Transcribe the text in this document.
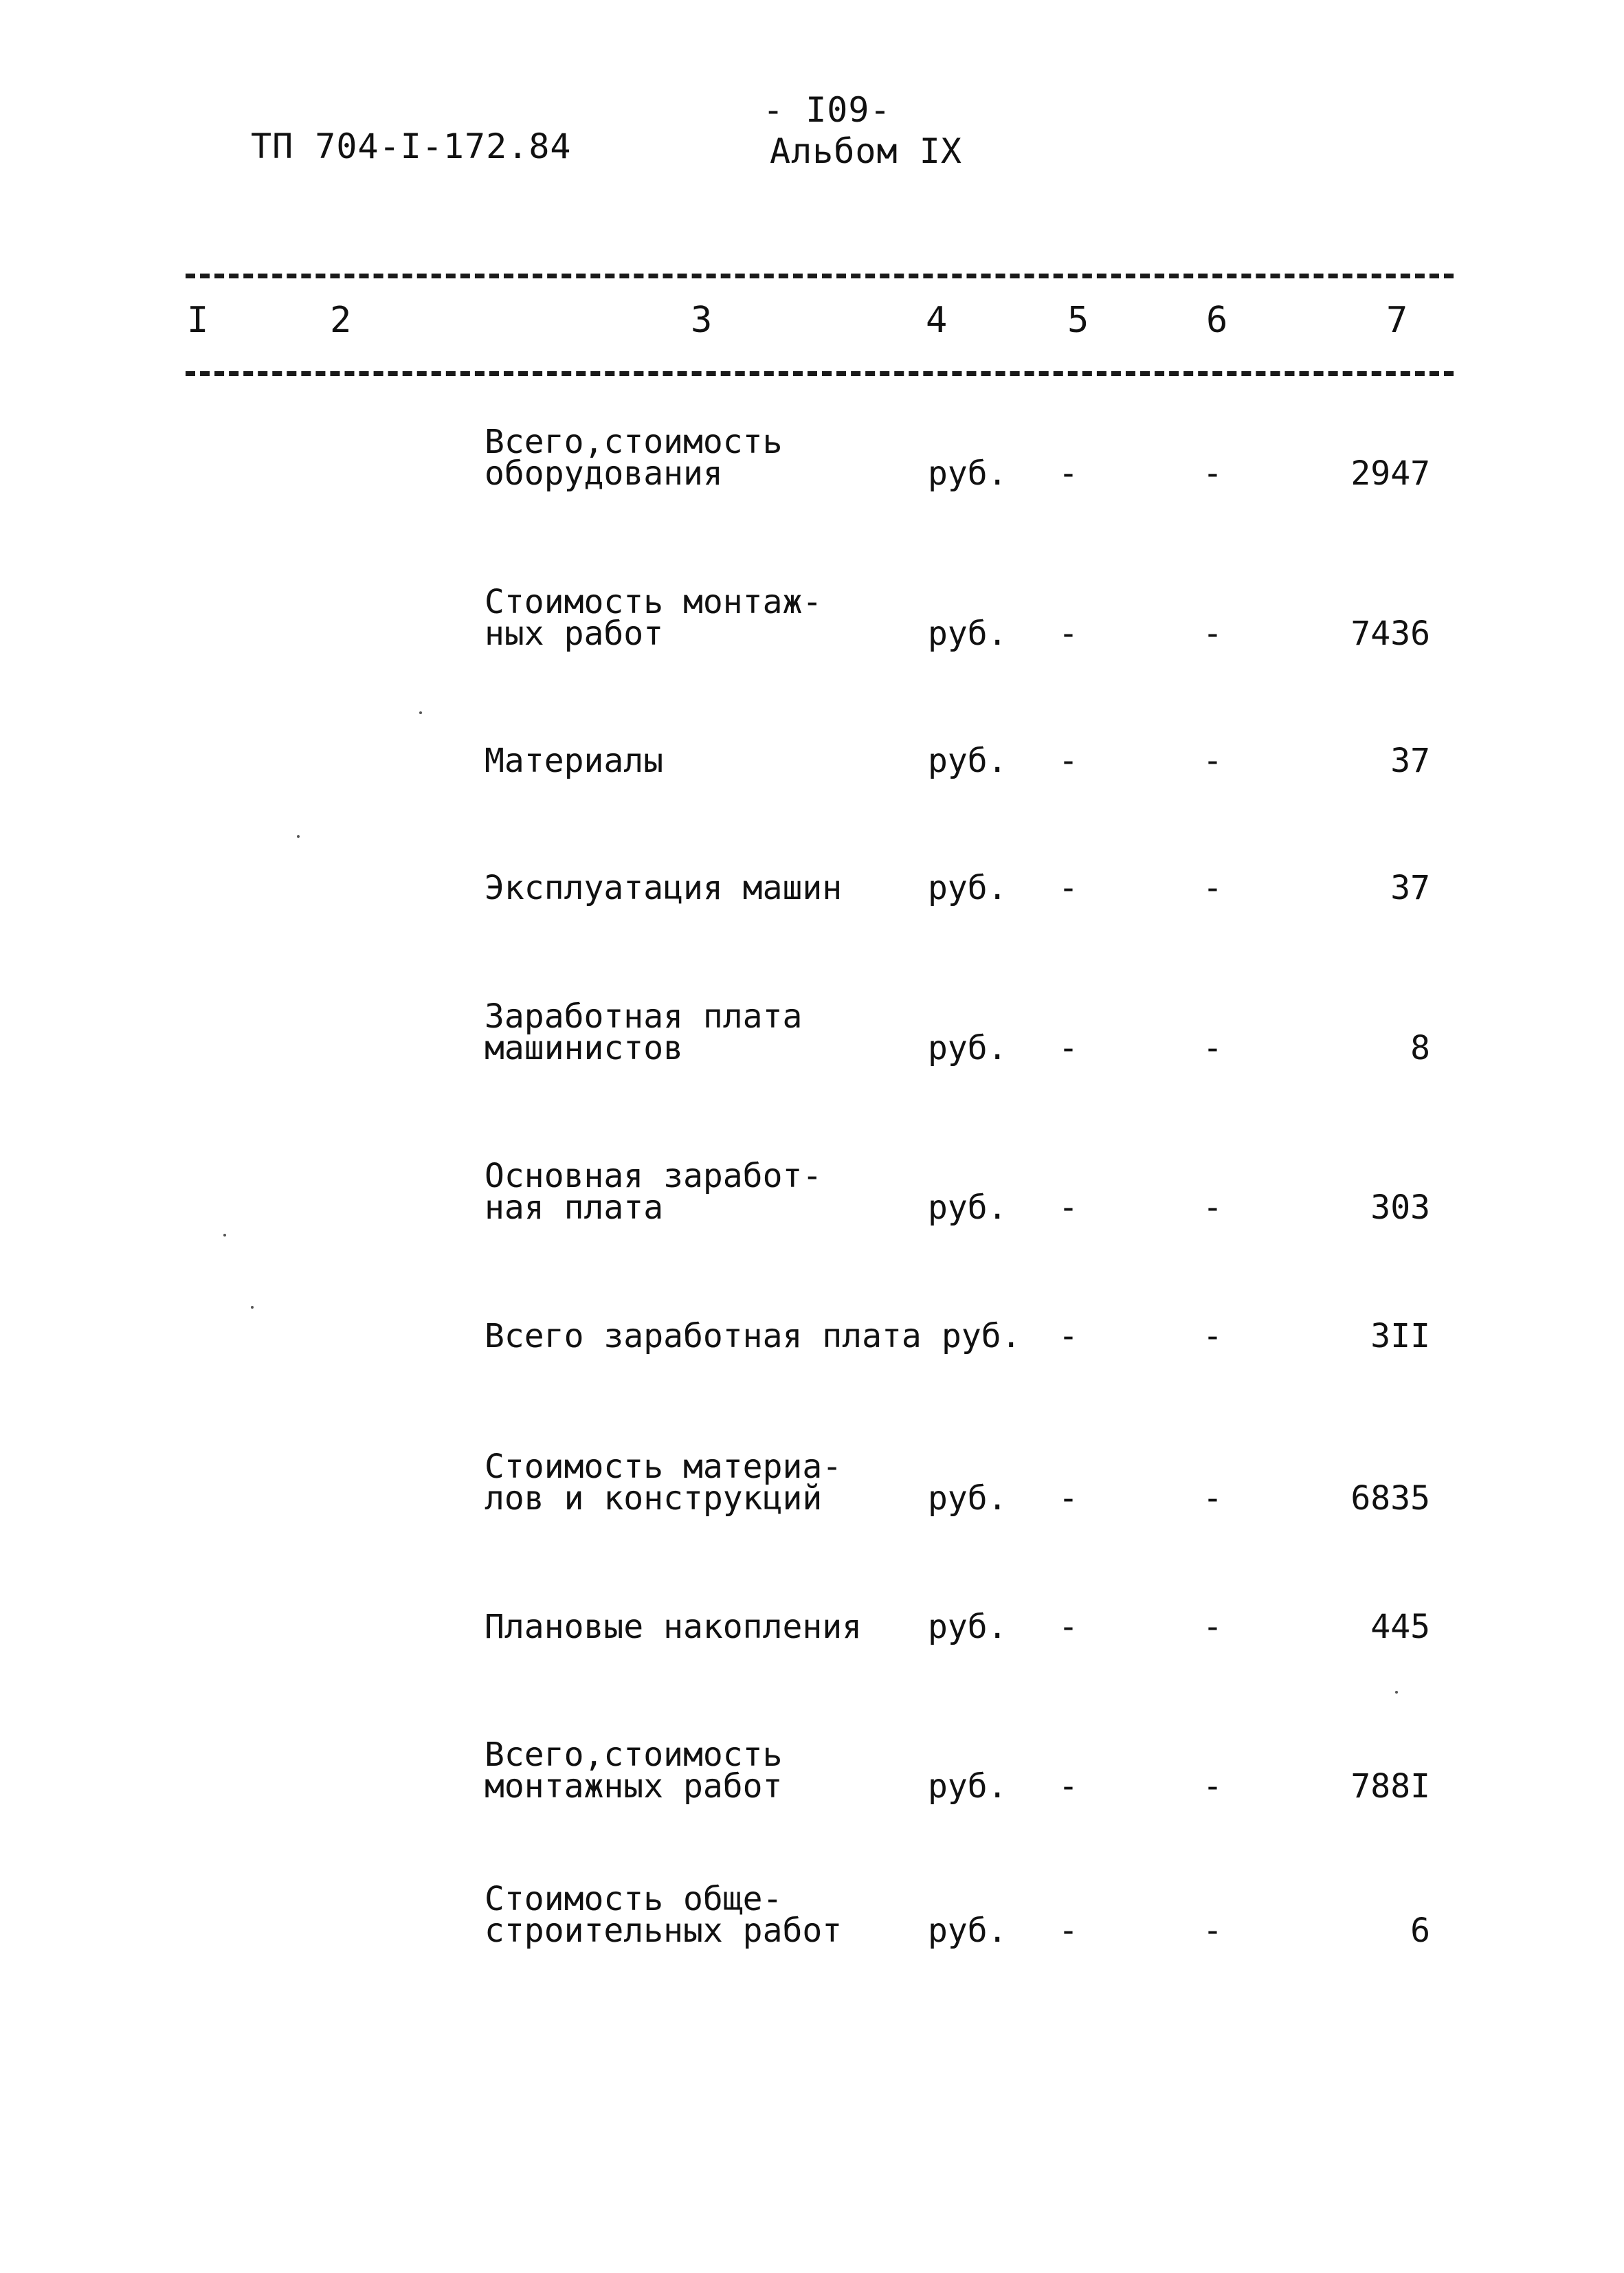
ТП 704-I-172.84
- I09-
Альбом IX
I	2	3	4	5	6	7
Всего,стоимость
оборудования	руб. -	-	2947
Стоимость монтаж-
ных работ	руб. -	-	7436
Материалы	руб. -	-	37
Эксплуатация машин	руб. -	-	37
Заработная плата
машинистов	руб. -	-	8
Основная заработ-
ная плата	руб. -	-	303
Всего заработная плата руб. -	-	3II
Стоимость материа-
лов и конструкций	руб. -	-	6835
Плановые накопления руб. -	-	445
Всего,стоимость
монтажных работ	руб. -	-	788I
Стоимость обще-
строительных работ	руб. -	-	6
